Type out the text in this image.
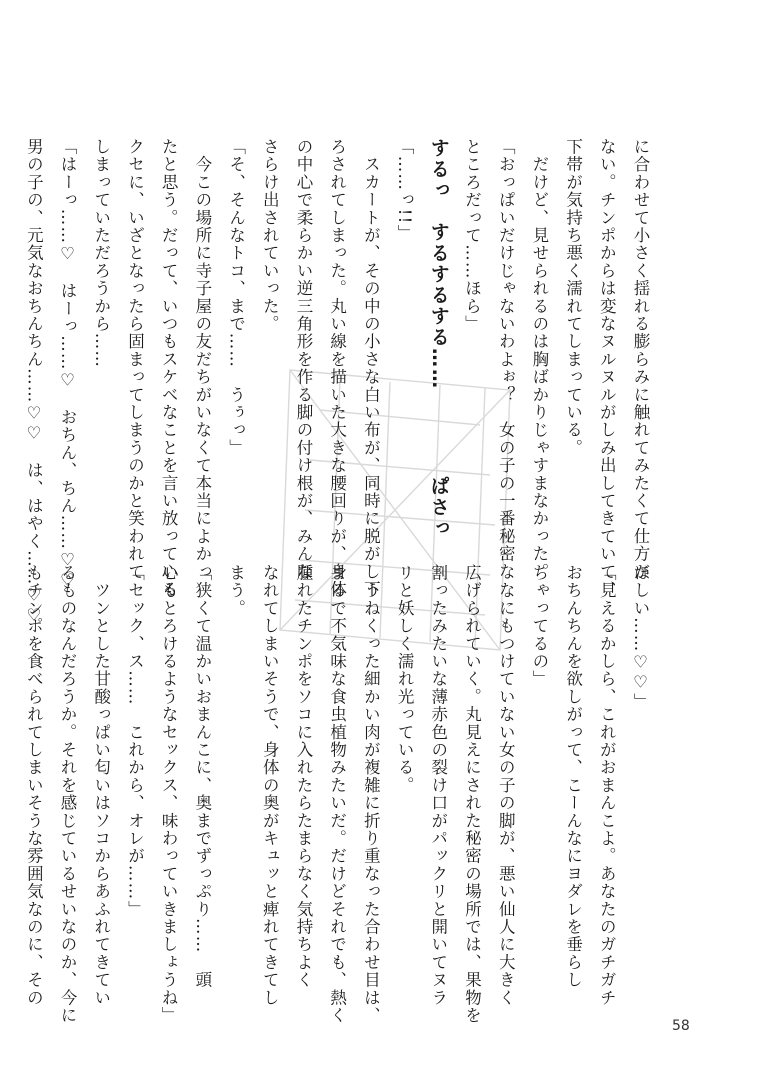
に合わせて小さく揺れる膨らみに触れてみたくて仕方が
ない。チンポからは変なヌルヌルがしみ出してきていて、
下帯が気持ち悪く濡れてしまっている。
　だけど、見せられるのは胸ばかりじゃすまなかった。
「おっぱいだけじゃないわよぉ？　女の子の一番秘密な
ところだって……ほら」
するっ　するするする……ぱさっ
「……っ!!」
　スカートが、その中の小さな白い布が、同時に脱がし下
ろされてしまった。丸い線を描いた大きな腰回りが、身体
の中心で柔らかい逆三角形を作る脚の付け根が、みんな
さらけ出されていった。
「そ、そんなトコ、まで……　うぅっ」
　今この場所に寺子屋の友だちがいなくて本当によかっ
たと思う。だって、いつもスケベなことを言い放っている
クセに、いざとなったら固まってしまうのかと笑われて
しまっていただろうから……
「はーっ……♡　はーっ……♡　おちん、ちん……♡♡
男の子の、元気なおちんちん……♡♡　は、はやく……♡♡
ほしい……♡♡」
「見えるかしら、これがおまんこよ。あなたのガチガチ
おちんちんを欲しがって、こーんなにヨダレを垂らし
ちゃってるの」
　なにもつけていない女の子の脚が、悪い仙人に大きく
広げられていく。丸見えにされた秘密の場所では、果物を
割ったみたいな薄赤色の裂け口がパックリと開いてヌラ
リと妖しく濡れ光っている。
　うねくった細かい肉が複雑に折り重なった合わせ目は、
まるで不気味な食虫植物みたいだ。だけどそれでも、熱く
腫れたチンポをソコに入れたらたまらなく気持ちよく
なれてしまいそうで、身体の奥がキュッと痺れてきてし
まう。
「狭くて温かいおまんこに、奥までずっぷり……　頭
心もとろけるようなセックス、味わっていきましょうね」
「セック、ス……　これから、オレが……」
　ツンとした甘酸っぱい匂いはソコからあふれてきてい
るものなんだろうか。それを感じているせいなのか、今に
もチンポを食べられてしまいそうな雰囲気なのに、その
58
